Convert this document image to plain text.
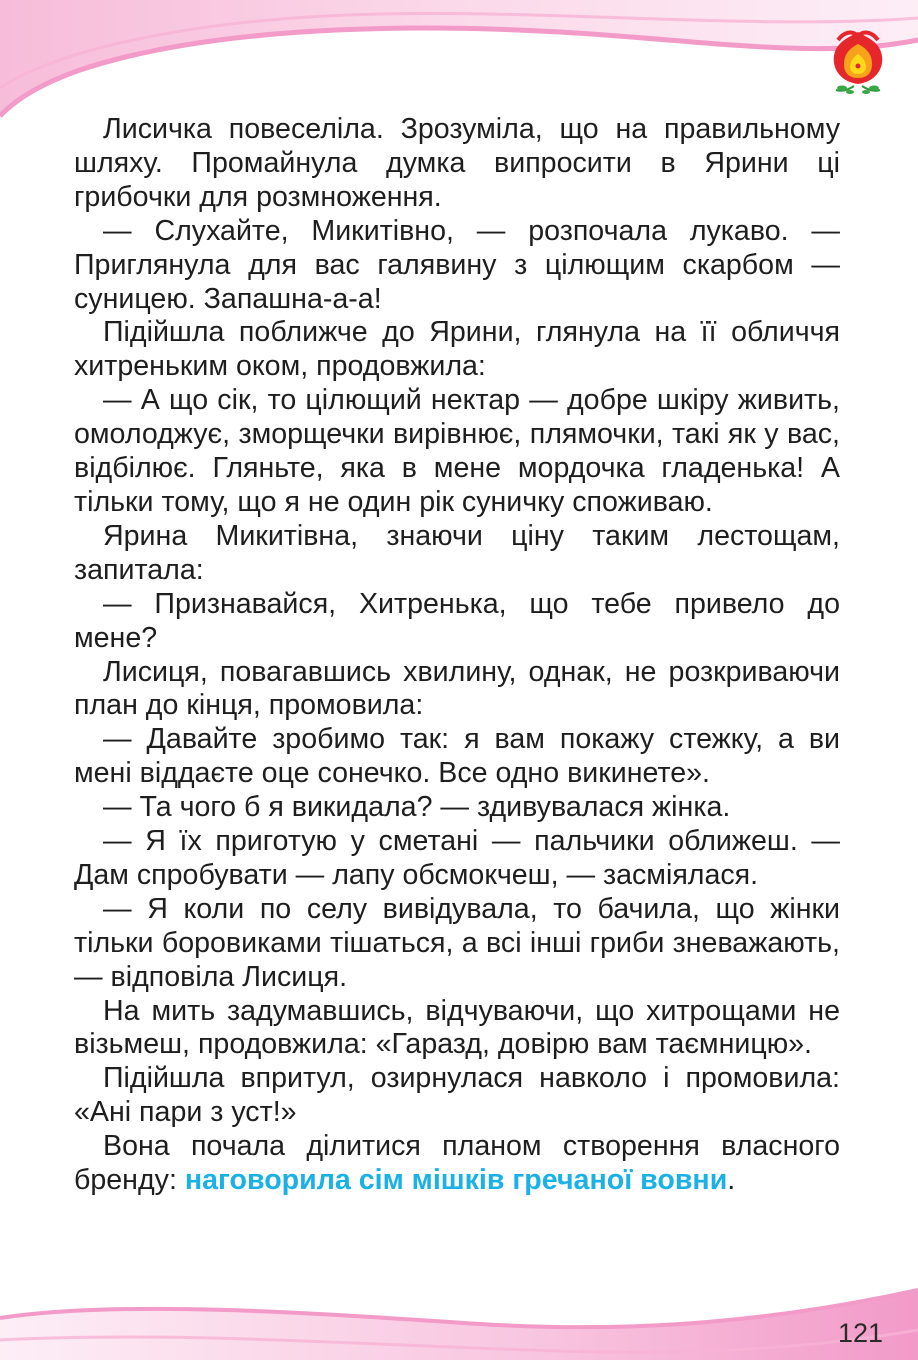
Лисичка повеселіла. Зрозуміла, що на правильному шляху. Промайнула думка випросити в Ярини ці грибочки для розмноження.

— Слухайте, Микитівно, — розпочала лукаво. — Приглянула для вас галявину з цілющим скарбом — суницею. Запашна-а-а!

Підійшла поближче до Ярини, глянула на її обличчя хитреньким оком, продовжила:

— А що сік, то цілющий нектар — добре шкіру живить, омолоджує, зморщечки вирівнює, плямочки, такі як у вас, відбілює. Гляньте, яка в мене мордочка гладенька! А тільки тому, що я не один рік суничку споживаю.

Ярина Микитівна, знаючи ціну таким лестощам, запитала:

— Признавайся, Хитренька, що тебе привело до мене?

Лисиця, повагавшись хвилину, однак, не розкриваючи план до кінця, промовила:

— Давайте зробимо так: я вам покажу стежку, а ви мені віддаєте оце сонечко. Все одно викинете».

— Та чого б я викидала? — здивувалася жінка.

— Я їх приготую у сметані — пальчики оближеш. — Дам спробувати — лапу обсмокчеш, — засміялася.

— Я коли по селу вивідувала, то бачила, що жінки тільки боровиками тішаться, а всі інші гриби зневажають, — відповіла Лисиця.

На мить задумавшись, відчуваючи, що хитрощами не візьмеш, продовжила: «Гаразд, довірю вам таємницю».

Підійшла впритул, озирнулася навколо і промовила: «Ані пари з уст!»

Вона почала ділитися планом створення власного бренду: наговорила сім мішків гречаної вовни.

121
